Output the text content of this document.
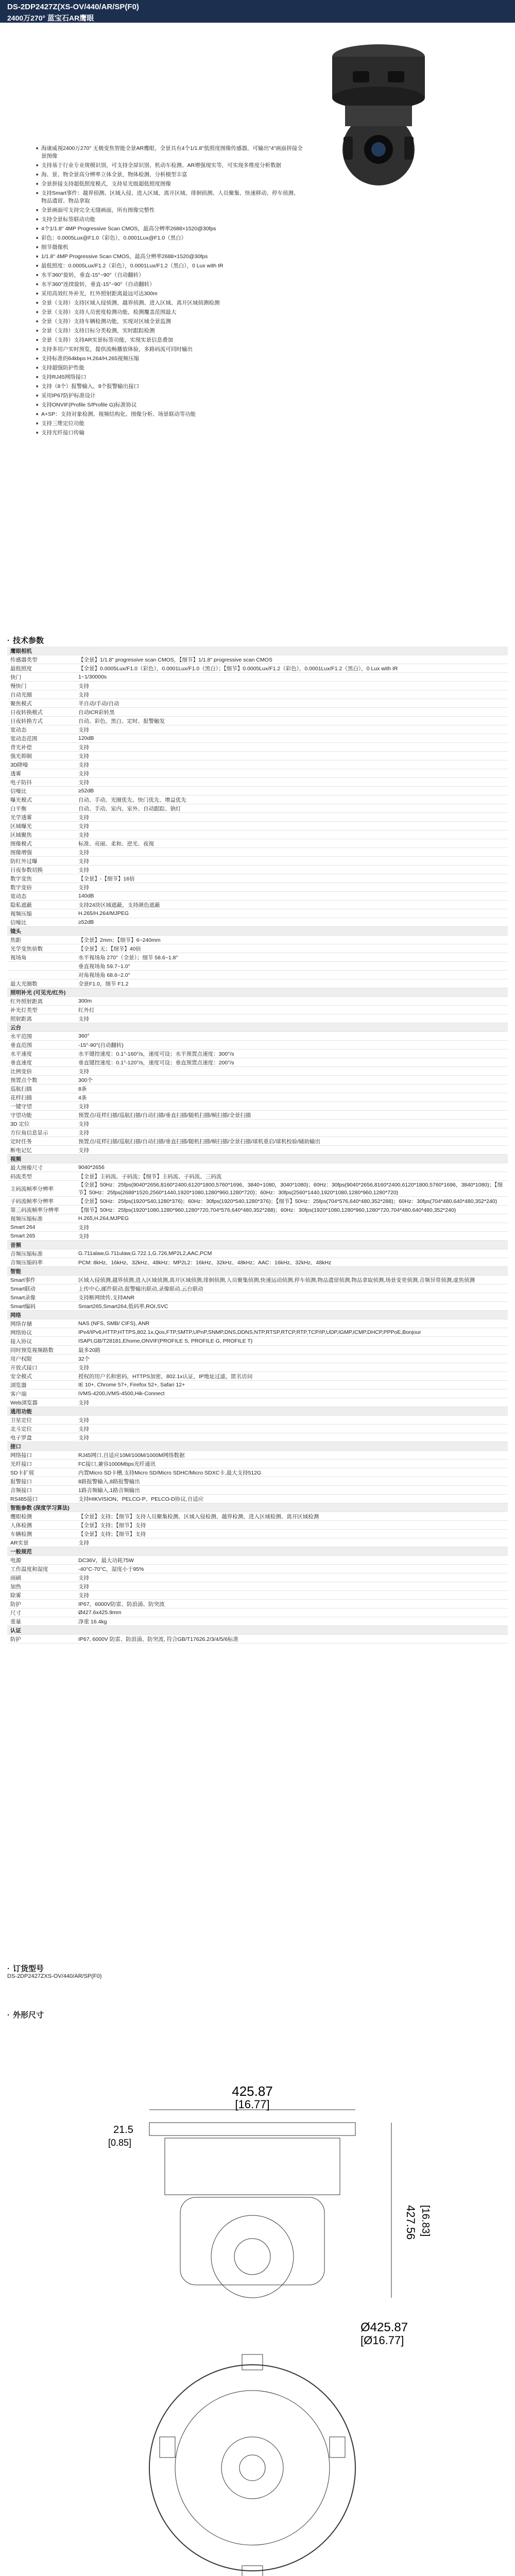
DS-2DP2427Z(XS-OV/440/AR/SP(F0)
2400万270° 蓝宝石AR鹰眼
■ 海康威视2400万270° 无极变焦智能全景AR鹰眼，全景具有4个1/1.8"低照度图像传感器，可输出"4"画面拼接全景图像
■ 支持基于行业专业规模识别，可支持全屏识别、机动车检测、AR增强现实等，可实现多维度分析数据
■ 海、景、物全景高分辨率立体全景，物体检测、分析模型丰富
■ 全景拼接支持超低照度模式，支持星光级超低照度图像
■ 支持Smart事件：越界侦测、区域入侵、进入区域、离开区域、徘徊侦测、人员聚集、快速移动、停车侦测、物品遗留、物品拿取
■ 全景画面可支持完全无缝画面，所有图像完整性
■ 支持全景标签联动功能
■ 4个1/1.8" 4MP Progressive Scan CMOS，最高分辨率2688×1520@30fps
■ 彩色：0.0005Lux@F1.0（彩色），0.0001Lux@F1.0（黑白）
■ 细节摄像机
■ 1/1.8" 4MP Progressive Scan CMOS，最高分辨率2688×1520@30fps
■ 最低照度：0.0005Lux/F1.2（彩色），0.0001Lux/F1.2（黑白），0 Lux with IR
■ 水平360°旋转，垂直-15°~90°（自动翻转）
■ 水平360°连续旋转，垂直-15°~90°（自动翻转）
■ 采用高效红外补光，红外照射距离最远可达300m
■ 全景（支持）支持区域入侵侦测、越界侦测、进入区域、离开区域侦测检测
■ 全景（支持）支持人员密度检测功能，检测覆盖范围最大
■ 全景（支持）支持车辆检测功能，实现对区域全景监测
■ 全景（支持）支持目标分类检测，实时跟踪检测
■ 全景（支持）支持AR实景标签功能，实现实景信息叠加
■ 支持多用户实时预览，提供流畅播放体验，多路码流可同时输出
■ 支持标准的64kbps H.264/H.265视频压缩
■ 支持超强防护性能
■ 支持RJ45网络接口
■ 支持（8个）报警输入，8个报警输出接口
■ 采用IP67防护标准设计
■ 支持ONVIF(Profile S/Profile G)标准协议
■ A+SP：支持对象检测、视频结构化、图像分析、场景联动等功能
■ 支持三维定位功能
■ 支持光纤接口传输
· 技术参数
鹰眼相机	
传感器类型	【全景】1/1.8" progressive scan CMOS，【细节】1/1.8" progressive scan CMOS
最低照度	【全景】0.0005Lux/F1.0（彩色），0.0001Lux/F1.0（黑白）；【细节】0.0005Lux/F1.2（彩色），0.0001Lux/F1.2（黑白），0 Lux with IR
快门	1~1/30000s
慢快门	支持
自动光圈	支持
聚焦模式	半自动/手动/自动
日夜转换模式	自动ICR彩转黑
日夜转换方式	自动、彩色、黑白、定时、报警触发
宽动态	支持
宽动态范围	120dB
背光补偿	支持
强光抑制	支持
3D降噪	支持
透雾	支持
电子防抖	支持
信噪比	≥52dB
曝光模式	自动、手动、光圈优先、快门优先、增益优先
白平衡	自动、手动、室内、室外、自动跟踪、钠灯
光学透雾	支持
区域曝光	支持
区域聚焦	支持
图像模式	标准、亮丽、柔和、逆光、夜视
图像增强	支持
防红外过曝	支持
日夜参数切换	支持
数字变焦	【全景】-【细节】16倍
数字变倍	支持
宽动态	140dB
隐私遮蔽	支持24块区域遮蔽，支持颜色遮蔽
视频压缩	H.265/H.264/MJPEG
信噪比	≥52dB
镜头	
焦距	【全景】2mm；【细节】6~240mm
光学变焦倍数	【全景】无；【细节】40倍
视场角	水平视场角 270°（全景）；细节 58.6~1.8°
	垂直视场角 59.7~1.0°
	对角视场角 68.6~2.0°
最大光圈数	全景F1.0，细节 F1.2
照明补光 (可见光/红外)	
红外照射距离	300m
补光灯类型	红外灯
照射距离	支持
云台	
水平范围	360°
垂直范围	-15°-90°(自动翻转)
水平速度	水平键控速度：0.1°-160°/s，速度可设；水平预置点速度：300°/s
垂直速度	垂直键控速度：0.1°-120°/s，速度可设；垂直预置点速度：200°/s
比例变倍	支持
预置点个数	300个
巡航扫描	8条
花样扫描	4条
一键守望	支持
守望功能	预置点/花样扫描/巡航扫描/自动扫描/垂直扫描/随机扫描/帧扫描/全景扫描
3D 定位	支持
方位角信息显示	支持
定时任务	预置点/花样扫描/巡航扫描/自动扫描/垂直扫描/随机扫描/帧扫描/全景扫描/球机重启/球机校验/辅助输出
断电记忆	支持
视频	
最大图像尺寸	9040*2656
码流类型	【全景】主码流、子码流；【细节】主码流、子码流、三码流
主码流帧率分辨率	【全景】50Hz：25fps(9040*2656,8160*2400,6120*1800,5760*1696，3840+1080，3040*1080)；60Hz：30fps(9040*2656,8160*2400,6120*1800,5760*1696，3840*1080)；【细节】50Hz：25fps(2688*1520,2560*1440,1920*1080,1280*960,1280*720)；60Hz：30fps(2560*1440,1920*1080,1280*960,1280*720)
子码流帧率分辨率	【全景】50Hz：25fps(1920*540,1280*376)；60Hz：30fps(1920*540,1280*376)；【细节】50Hz：25fps(704*576,640*480,352*288)；60Hz：30fps(704*480,640*480,352*240)
第三码流帧率分辨率	【细节】50Hz：25fps(1920*1080,1280*960,1280*720,704*576,640*480,352*288)；60Hz：30fps(1920*1080,1280*960,1280*720,704*480,640*480,352*240)
视频压缩标准	H.265,H.264,MJPEG
Smart 264	支持
Smart 265	支持
音频	
音频压缩标准	G.711alaw,G.711ulaw,G.722.1,G.726,MP2L2,AAC,PCM
音频压缩码率	PCM: 8kHz、16kHz、32kHz、48kHz；MP2L2：16kHz、32kHz、48kHz；AAC：16kHz、32kHz、48kHz
智能	
Smart事件	区域入侵侦测,越界侦测,进入区域侦测,离开区域侦测,徘徊侦测,人员聚集侦测,快速运动侦测,停车侦测,物品遗留侦测,物品拿取侦测,场景变更侦测,音频异常侦测,虚焦侦测
Smart联动	上传中心,邮件联动,报警输出联动,录像联动,云台联动
Smart录像	支持断网续传,支持ANR
Smart编码	Smart265,Smart264,低码率,ROI,SVC
网络	
网络存储	NAS (NFS, SMB/ CIFS), ANR
网络协议	IPv4/IPv6,HTTP,HTTPS,802.1x,Qos,FTP,SMTP,UPnP,SNMP,DNS,DDNS,NTP,RTSP,RTCP,RTP,TCP/IP,UDP,IGMP,ICMP,DHCP,PPPoE,Bonjour
接入协议	ISAPI,GB/T28181,Ehome,ONVIF(PROFILE S, PROFILE G, PROFILE T)
同时预览视频路数	最多20路
用户权限	32个
开放式接口	支持
安全模式	授权的用户名和密码，HTTPS加密，802.1x认证，IP地址过滤，匿名访问
浏览器	IE 10+, Chrome 57+, Firefox 52+, Safari 12+
客户端	iVMS-4200,iVMS-4500,Hik-Connect
Web浏览器	支持
通用功能	
卫星定位	支持
北斗定位	支持
电子罗盘	支持
接口	
网络接口	RJ45网口,自适应10M/100M/1000M网络数据
光纤接口	FC接口,兼容1000Mbps光纤通讯
SD卡扩展	内置Micro SD卡槽,支持Micro SD/Micro SDHC/Micro SDXC卡,最大支持512G
报警接口	8路报警输入,8路报警输出
音频接口	1路音频输入,1路音频输出
RS485接口	支持HIKVISION、PELCO-P、PELCO-D协议,自适应
智能参数 (深度学习算法)	
鹰眼检测	【全景】支持；【细节】支持人员聚集检测、区域入侵检测、越界检测、进入区域检测、离开区域检测
人体检测	【全景】支持；【细节】支持
车辆检测	【全景】支持；【细节】支持
AR实景	支持
一般规范	
电源	DC36V，最大功耗75W
工作温度和湿度	-40°C-70°C，湿度小于95%
雨刷	支持
加热	支持
除雾	支持
防护	IP67，6000V防雷、防浪涌、防突波
尺寸	Ø427.6x425.9mm
重量	净重 16.4kg
认证	
防护	IP67, 6000V 防雷、防浪涌、防突波, 符合GB/T17626.2/3/4/5/6标准
· 订货型号
DS-2DP2427ZXS-OV/440/AR/SP(F0)
· 外形尺寸
425.87
[16.77]
21.5
[0.85]
427.56 [16.83]
Ø425.87
[Ø16.77]
